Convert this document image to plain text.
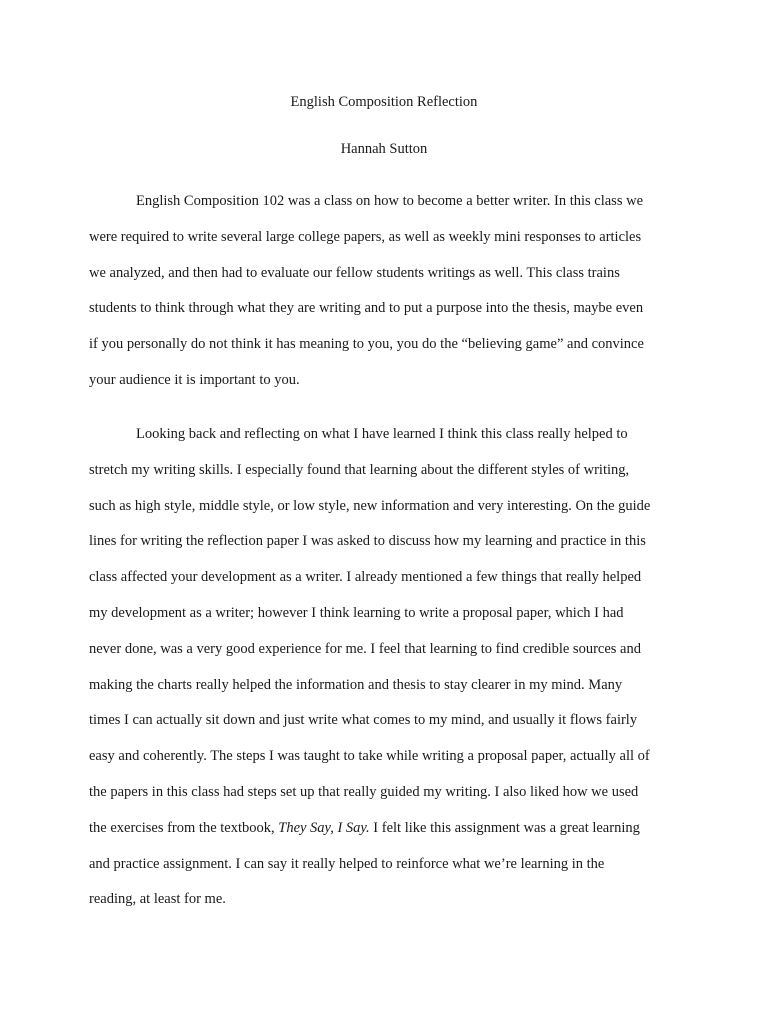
English Composition Reflection

Hannah Sutton

English Composition 102 was a class on how to become a better writer. In this class we
were required to write several large college papers, as well as weekly mini responses to articles
we analyzed, and then had to evaluate our fellow students writings as well. This class trains
students to think through what they are writing and to put a purpose into the thesis, maybe even
if you personally do not think it has meaning to you, you do the “believing game” and convince
your audience it is important to you.

Looking back and reflecting on what I have learned I think this class really helped to
stretch my writing skills. I especially found that learning about the different styles of writing,
such as high style, middle style, or low style, new information and very interesting. On the guide
lines for writing the reflection paper I was asked to discuss how my learning and practice in this
class affected your development as a writer. I already mentioned a few things that really helped
my development as a writer; however I think learning to write a proposal paper, which I had
never done, was a very good experience for me. I feel that learning to find credible sources and
making the charts really helped the information and thesis to stay clearer in my mind. Many
times I can actually sit down and just write what comes to my mind, and usually it flows fairly
easy and coherently. The steps I was taught to take while writing a proposal paper, actually all of
the papers in this class had steps set up that really guided my writing. I also liked how we used
the exercises from the textbook, They Say, I Say. I felt like this assignment was a great learning
and practice assignment. I can say it really helped to reinforce what we’re learning in the
reading, at least for me.
